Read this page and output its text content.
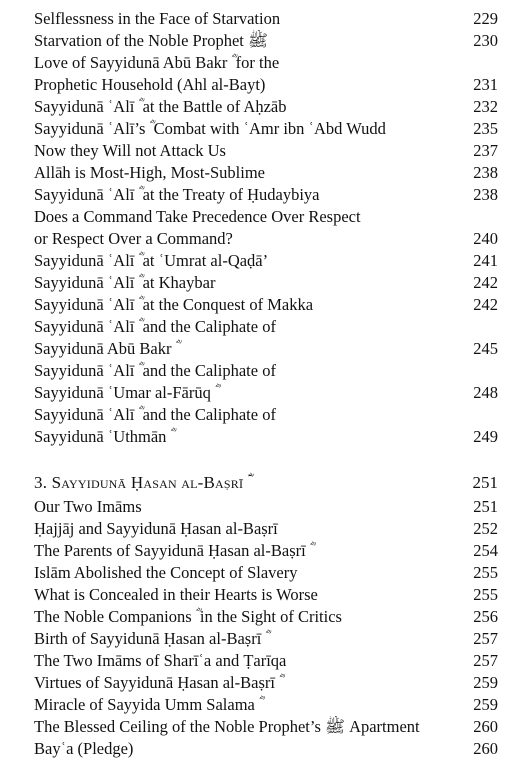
Selflessness in the Face of Starvation	229
Starvation of the Noble Prophet ﷺ	230
Love of Sayyidunā Abū Bakr ؓ for the
Prophetic Household (Ahl al-Bayt)	231
Sayyidunā ʿAlī ؓ at the Battle of Aḥzāb	232
Sayyidunā ʿAlī’s ؓ Combat with ʿAmr ibn ʿAbd Wudd	235
Now they Will not Attack Us	237
Allāh is Most-High, Most-Sublime	238
Sayyidunā ʿAlī ؓ at the Treaty of Ḥudaybiya	238
Does a Command Take Precedence Over Respect
or Respect Over a Command?	240
Sayyidunā ʿAlī ؓ at ʿUmrat al-Qaḍā’	241
Sayyidunā ʿAlī ؓ at Khaybar	242
Sayyidunā ʿAlī ؓ at the Conquest of Makka	242
Sayyidunā ʿAlī ؓ and the Caliphate of
Sayyidunā Abū Bakr ؓ	245
Sayyidunā ʿAlī ؓ and the Caliphate of
Sayyidunā ʿUmar al-Fārūq ؓ	248
Sayyidunā ʿAlī ؓ and the Caliphate of
Sayyidunā ʿUthmān ؓ	249
3. Sayyidunā Ḥasan al-Baṣrī ؓ	251
Our Two Imāms	251
Ḥajjāj and Sayyidunā Ḥasan al-Baṣrī	252
The Parents of Sayyidunā Ḥasan al-Baṣrī ؓ	254
Islām Abolished the Concept of Slavery	255
What is Concealed in their Hearts is Worse	255
The Noble Companions ؓ in the Sight of Critics	256
Birth of Sayyidunā Ḥasan al-Baṣrī ؓ	257
The Two Imāms of Sharīʿa and Ṭarīqa	257
Virtues of Sayyidunā Ḥasan al-Baṣrī ؓ	259
Miracle of Sayyida Umm Salama ؓ	259
The Blessed Ceiling of the Noble Prophet’s ﷺ Apartment	260
Bayʿa (Pledge)	260
